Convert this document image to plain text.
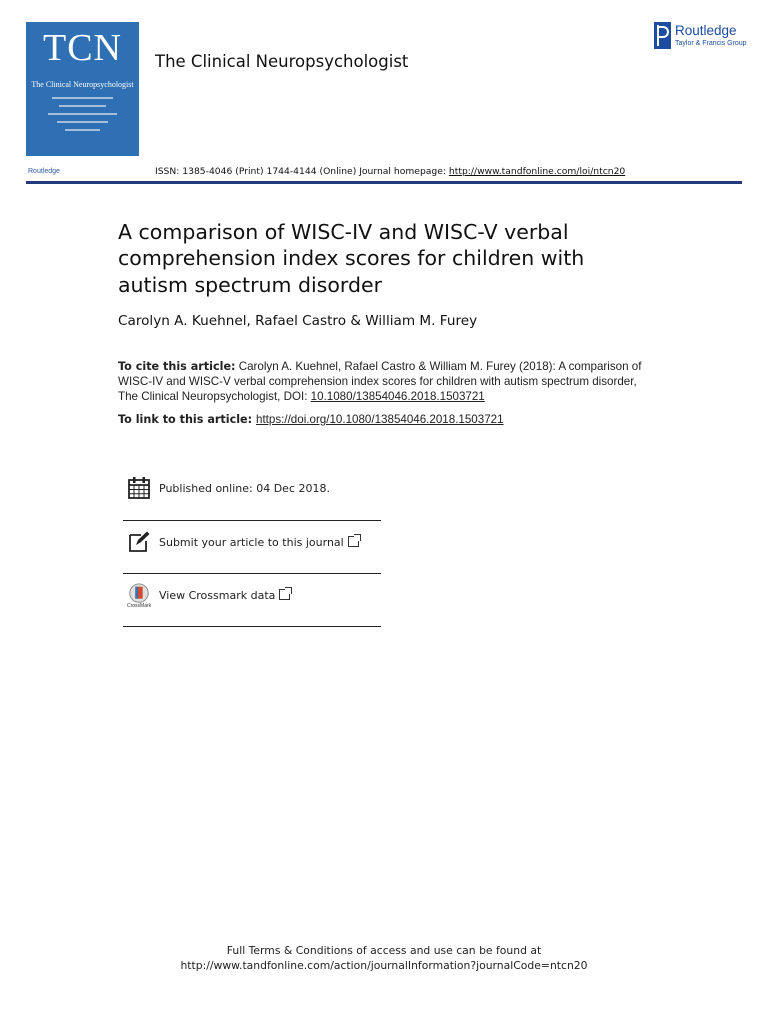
TCN
The Clinical Neuropsychologist
Routledge
The Clinical Neuropsychologist
Routledge
Taylor & Francis Group
ISSN: 1385-4046 (Print) 1744-4144 (Online) Journal homepage: http://www.tandfonline.com/loi/ntcn20
A comparison of WISC-IV and WISC-V verbal comprehension index scores for children with autism spectrum disorder
Carolyn A. Kuehnel, Rafael Castro & William M. Furey
To cite this article: Carolyn A. Kuehnel, Rafael Castro & William M. Furey (2018): A comparison of WISC-IV and WISC-V verbal comprehension index scores for children with autism spectrum disorder, The Clinical Neuropsychologist, DOI: 10.1080/13854046.2018.1503721
To link to this article: https://doi.org/10.1080/13854046.2018.1503721
Published online: 04 Dec 2018.
Submit your article to this journal
CrossMark
View Crossmark data
Full Terms & Conditions of access and use can be found at
http://www.tandfonline.com/action/journalInformation?journalCode=ntcn20
